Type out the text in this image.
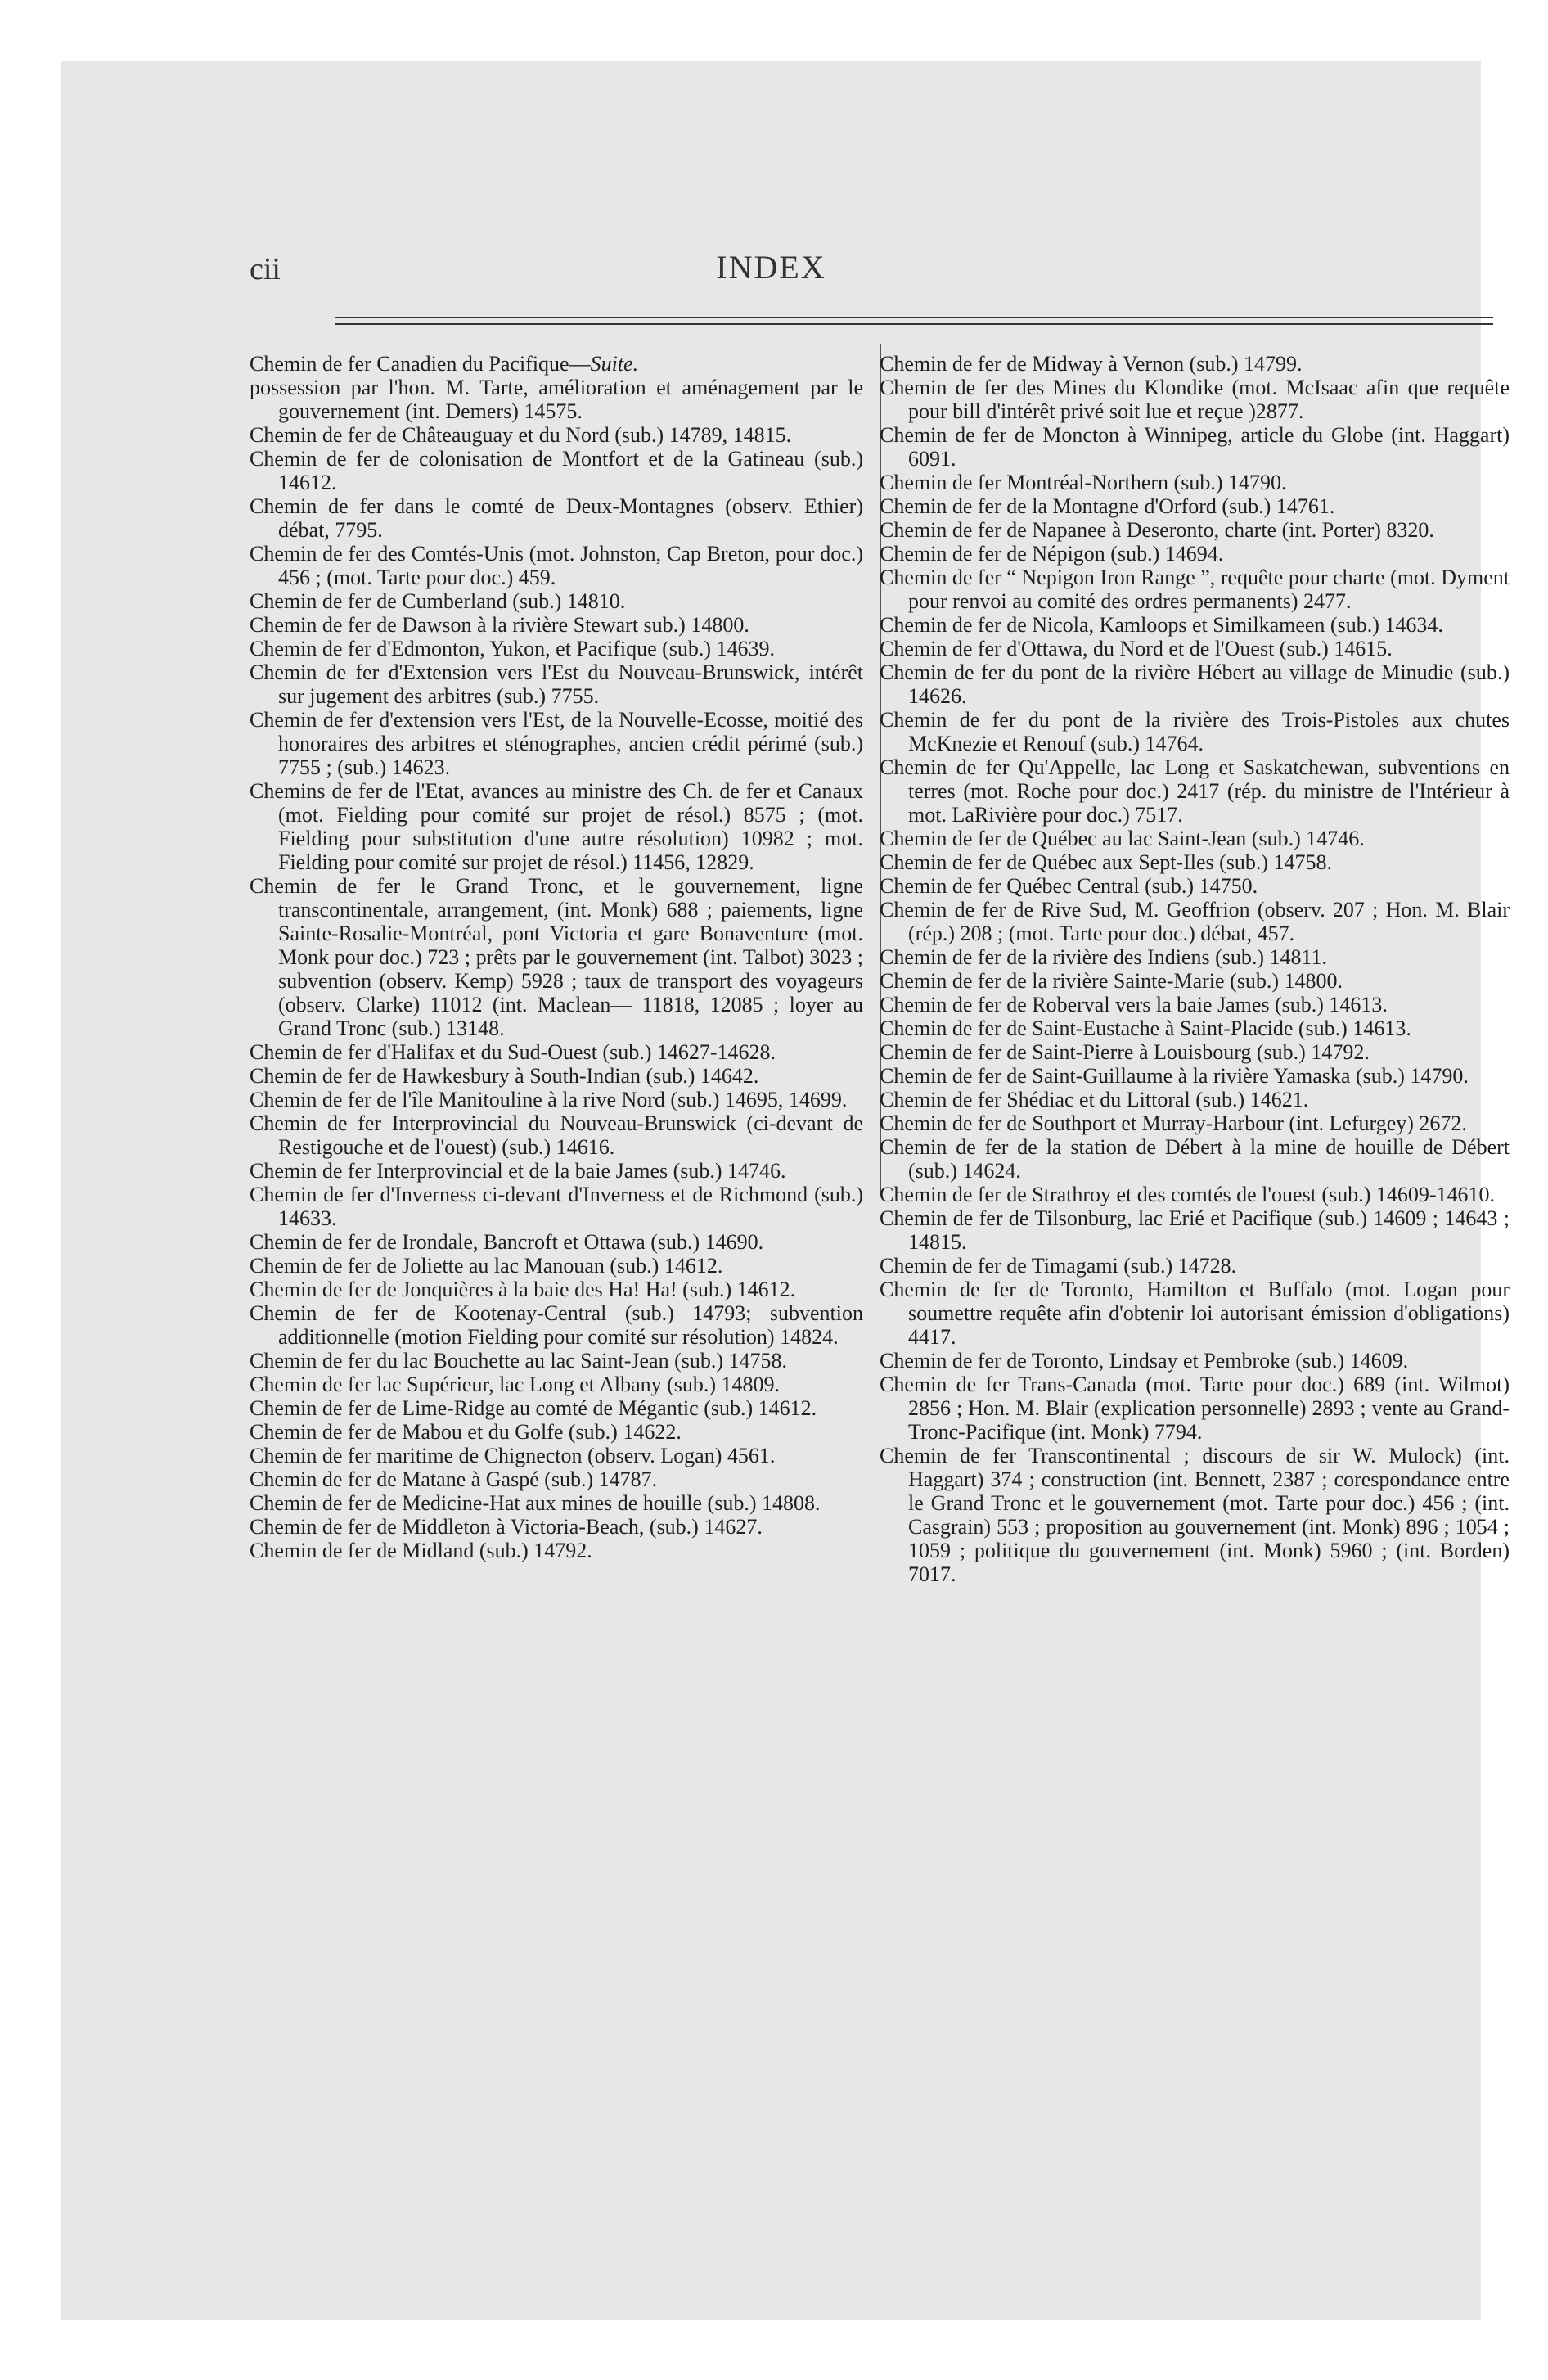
cii	INDEX

Chemin de fer Canadien du Pacifique—Suite.

possession par l'hon. M. Tarte, amélioration et aménagement par le gouvernement (int. Demers) 14575.

Chemin de fer de Châteauguay et du Nord (sub.) 14789, 14815.

Chemin de fer de colonisation de Montfort et de la Gatineau (sub.) 14612.

Chemin de fer dans le comté de Deux-Montagnes (observ. Ethier) débat, 7795.

Chemin de fer des Comtés-Unis (mot. Johnston, Cap Breton, pour doc.) 456 ; (mot. Tarte pour doc.) 459.

Chemin de fer de Cumberland (sub.) 14810.

Chemin de fer de Dawson à la rivière Stewart sub.) 14800.

Chemin de fer d'Edmonton, Yukon, et Pacifique (sub.) 14639.

Chemin de fer d'Extension vers l'Est du Nouveau-Brunswick, intérêt sur jugement des arbitres (sub.) 7755.

Chemin de fer d'extension vers l'Est, de la Nouvelle-Ecosse, moitié des honoraires des arbitres et sténographes, ancien crédit périmé (sub.) 7755 ; (sub.) 14623.

Chemins de fer de l'Etat, avances au ministre des Ch. de fer et Canaux (mot. Fielding pour comité sur projet de résol.) 8575 ; (mot. Fielding pour substitution d'une autre résolution) 10982 ; mot. Fielding pour comité sur projet de résol.) 11456, 12829.

Chemin de fer le Grand Tronc, et le gouvernement, ligne transcontinentale, arrangement, (int. Monk) 688 ; paiements, ligne Sainte-Rosalie-Montréal, pont Victoria et gare Bonaventure (mot. Monk pour doc.) 723 ; prêts par le gouvernement (int. Talbot) 3023 ; subvention (observ. Kemp) 5928 ; taux de transport des voyageurs (observ. Clarke) 11012 (int. Maclean— 11818, 12085 ; loyer au Grand Tronc (sub.) 13148.

Chemin de fer d'Halifax et du Sud-Ouest (sub.) 14627-14628.

Chemin de fer de Hawkesbury à South-Indian (sub.) 14642.

Chemin de fer de l'île Manitouline à la rive Nord (sub.) 14695, 14699.

Chemin de fer Interprovincial du Nouveau-Brunswick (ci-devant de Restigouche et de l'ouest) (sub.) 14616.

Chemin de fer Interprovincial et de la baie James (sub.) 14746.

Chemin de fer d'Inverness ci-devant d'Inverness et de Richmond (sub.) 14633.

Chemin de fer de Irondale, Bancroft et Ottawa (sub.) 14690.

Chemin de fer de Joliette au lac Manouan (sub.) 14612.

Chemin de fer de Jonquières à la baie des Ha! Ha! (sub.) 14612.

Chemin de fer de Kootenay-Central (sub.) 14793; subvention additionnelle (motion Fielding pour comité sur résolution) 14824.

Chemin de fer du lac Bouchette au lac Saint-Jean (sub.) 14758.

Chemin de fer lac Supérieur, lac Long et Albany (sub.) 14809.

Chemin de fer de Lime-Ridge au comté de Mégantic (sub.) 14612.

Chemin de fer de Mabou et du Golfe (sub.) 14622.

Chemin de fer maritime de Chignecton (observ. Logan) 4561.

Chemin de fer de Matane à Gaspé (sub.) 14787.

Chemin de fer de Medicine-Hat aux mines de houille (sub.) 14808.

Chemin de fer de Middleton à Victoria-Beach, (sub.) 14627.

Chemin de fer de Midland (sub.) 14792.

Chemin de fer de Midway à Vernon (sub.) 14799.

Chemin de fer des Mines du Klondike (mot. McIsaac afin que requête pour bill d'intérêt privé soit lue et reçue )2877.

Chemin de fer de Moncton à Winnipeg, article du Globe (int. Haggart) 6091.

Chemin de fer Montréal-Northern (sub.) 14790.

Chemin de fer de la Montagne d'Orford (sub.) 14761.

Chemin de fer de Napanee à Deseronto, charte (int. Porter) 8320.

Chemin de fer de Népigon (sub.) 14694.

Chemin de fer “ Nepigon Iron Range ”, requête pour charte (mot. Dyment pour renvoi au comité des ordres permanents) 2477.

Chemin de fer de Nicola, Kamloops et Similkameen (sub.) 14634.

Chemin de fer d'Ottawa, du Nord et de l'Ouest (sub.) 14615.

Chemin de fer du pont de la rivière Hébert au village de Minudie (sub.) 14626.

Chemin de fer du pont de la rivière des Trois-Pistoles aux chutes McKnezie et Renouf (sub.) 14764.

Chemin de fer Qu'Appelle, lac Long et Saskatchewan, subventions en terres (mot. Roche pour doc.) 2417 (rép. du ministre de l'Intérieur à mot. LaRivière pour doc.) 7517.

Chemin de fer de Québec au lac Saint-Jean (sub.) 14746.

Chemin de fer de Québec aux Sept-Iles (sub.) 14758.

Chemin de fer Québec Central (sub.) 14750.

Chemin de fer de Rive Sud, M. Geoffrion (observ. 207 ; Hon. M. Blair (rép.) 208 ; (mot. Tarte pour doc.) débat, 457.

Chemin de fer de la rivière des Indiens (sub.) 14811.

Chemin de fer de la rivière Sainte-Marie (sub.) 14800.

Chemin de fer de Roberval vers la baie James (sub.) 14613.

Chemin de fer de Saint-Eustache à Saint-Placide (sub.) 14613.

Chemin de fer de Saint-Pierre à Louisbourg (sub.) 14792.

Chemin de fer de Saint-Guillaume à la rivière Yamaska (sub.) 14790.

Chemin de fer Shédiac et du Littoral (sub.) 14621.

Chemin de fer de Southport et Murray-Harbour (int. Lefurgey) 2672.

Chemin de fer de la station de Débert à la mine de houille de Débert (sub.) 14624.

Chemin de fer de Strathroy et des comtés de l'ouest (sub.) 14609-14610.

Chemin de fer de Tilsonburg, lac Erié et Pacifique (sub.) 14609 ; 14643 ; 14815.

Chemin de fer de Timagami (sub.) 14728.

Chemin de fer de Toronto, Hamilton et Buffalo (mot. Logan pour soumettre requête afin d'obtenir loi autorisant émission d'obligations) 4417.

Chemin de fer de Toronto, Lindsay et Pembroke (sub.) 14609.

Chemin de fer Trans-Canada (mot. Tarte pour doc.) 689 (int. Wilmot) 2856 ; Hon. M. Blair (explication personnelle) 2893 ; vente au Grand-Tronc-Pacifique (int. Monk) 7794.

Chemin de fer Transcontinental ; discours de sir W. Mulock) (int. Haggart) 374 ; construction (int. Bennett, 2387 ; corespondance entre le Grand Tronc et le gouvernement (mot. Tarte pour doc.) 456 ; (int. Casgrain) 553 ; proposition au gouvernement (int. Monk) 896 ; 1054 ; 1059 ; politique du gouvernement (int. Monk) 5960 ; (int. Borden) 7017.
